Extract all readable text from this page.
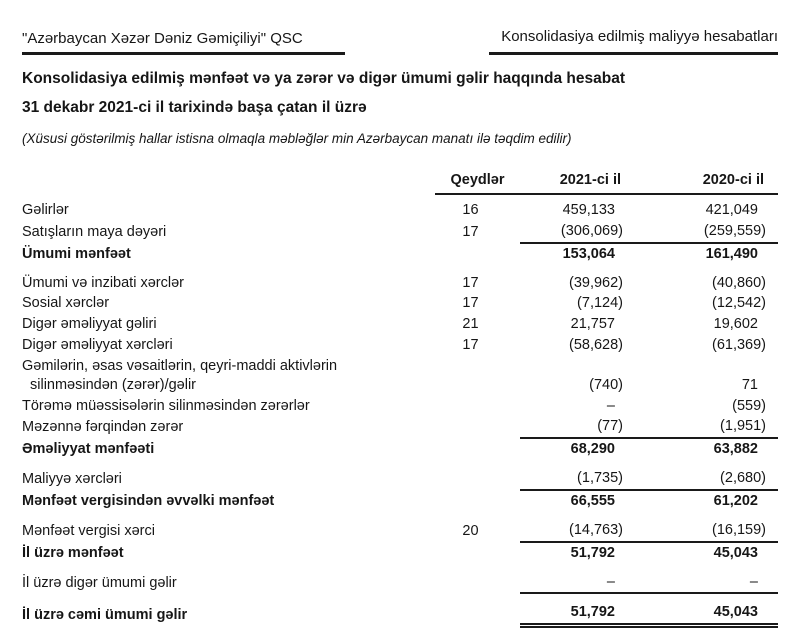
"Azərbaycan Xəzər Dəniz Gəmiçiliyi" QSC	Konsolidasiya edilmiş maliyyə hesabatları

Konsolidasiya edilmiş mənfəət və ya zərər və digər ümumi gəlir haqqında hesabat

31 dekabr 2021-ci il tarixində başa çatan il üzrə

(Xüsusi göstərilmiş hallar istisna olmaqla məbləğlər min Azərbaycan manatı ilə təqdim edilir)

	Qeydlər	2021-ci il	2020-ci il

Gəlirlər	16	459,133	421,049

Satışların maya dəyəri	17	(306,069)	(259,559)

Ümumi mənfəət		153,064	161,490

Ümumi və inzibati xərclər	17	(39,962)	(40,860)

Sosial xərclər	17	(7,124)	(12,542)

Digər əməliyyat gəliri	21	21,757	19,602

Digər əməliyyat xərcləri	17	(58,628)	(61,369)

Gəmilərin, əsas vəsaitlərin, qeyri-maddi aktivlərin
silinməsindən (zərər)/gəlir		(740)	71

Törəmə müəssisələrin silinməsindən zərərlər		–	(559)

Məzənnə fərqindən zərər		(77)	(1,951)

Əməliyyat mənfəəti		68,290	63,882

Maliyyə xərcləri		(1,735)	(2,680)

Mənfəət vergisindən əvvəlki mənfəət		66,555	61,202

Mənfəət vergisi xərci	20	(14,763)	(16,159)

İl üzrə mənfəət		51,792	45,043

İl üzrə digər ümumi gəlir		–	–

İl üzrə cəmi ümumi gəlir		51,792	45,043
